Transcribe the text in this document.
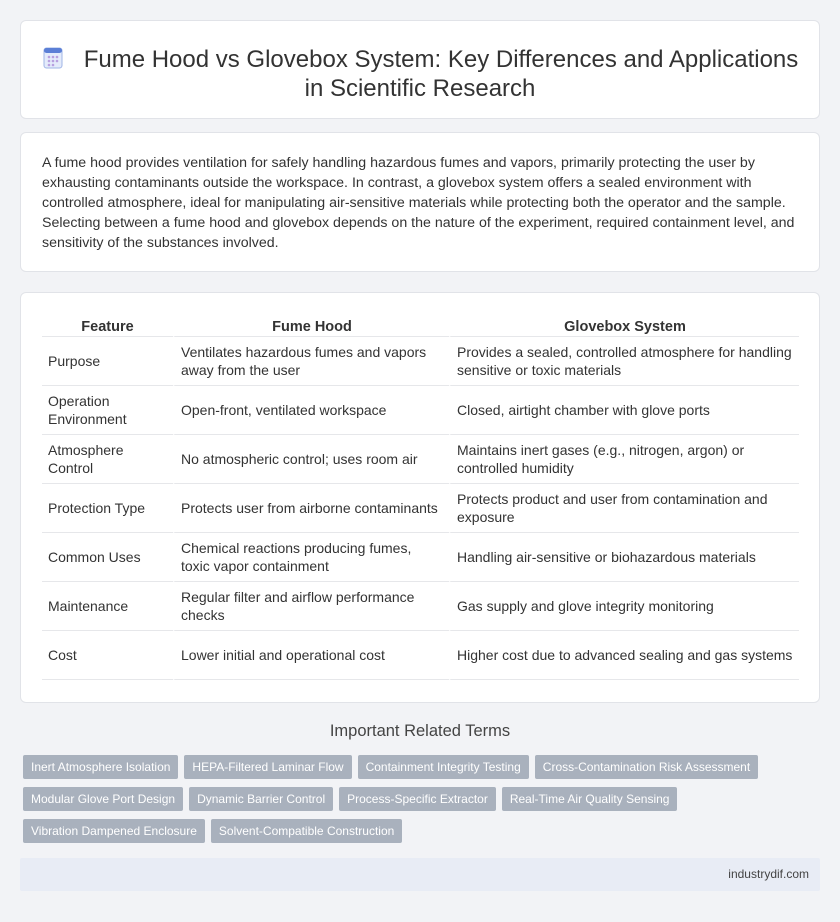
Fume Hood vs Glovebox System: Key Differences and Applications
in Scientific Research

A fume hood provides ventilation for safely handling hazardous fumes and vapors, primarily protecting the user by exhausting contaminants outside the workspace. In contrast, a glovebox system offers a sealed environment with controlled atmosphere, ideal for manipulating air-sensitive materials while protecting both the operator and the sample. Selecting between a fume hood and glovebox depends on the nature of the experiment, required containment level, and sensitivity of the substances involved.

Feature	Fume Hood	Glovebox System
Purpose	Ventilates hazardous fumes and vapors away from the user	Provides a sealed, controlled atmosphere for handling sensitive or toxic materials
Operation Environment	Open-front, ventilated workspace	Closed, airtight chamber with glove ports
Atmosphere Control	No atmospheric control; uses room air	Maintains inert gases (e.g., nitrogen, argon) or controlled humidity
Protection Type	Protects user from airborne contaminants	Protects product and user from contamination and exposure
Common Uses	Chemical reactions producing fumes, toxic vapor containment	Handling air-sensitive or biohazardous materials
Maintenance	Regular filter and airflow performance checks	Gas supply and glove integrity monitoring
Cost	Lower initial and operational cost	Higher cost due to advanced sealing and gas systems
Important Related Terms
Inert Atmosphere Isolation	HEPA-Filtered Laminar Flow	Containment Integrity Testing	Cross-Contamination Risk Assessment
Modular Glove Port Design	Dynamic Barrier Control	Process-Specific Extractor	Real-Time Air Quality Sensing
Vibration Dampened Enclosure	Solvent-Compatible Construction
industrydif.com
